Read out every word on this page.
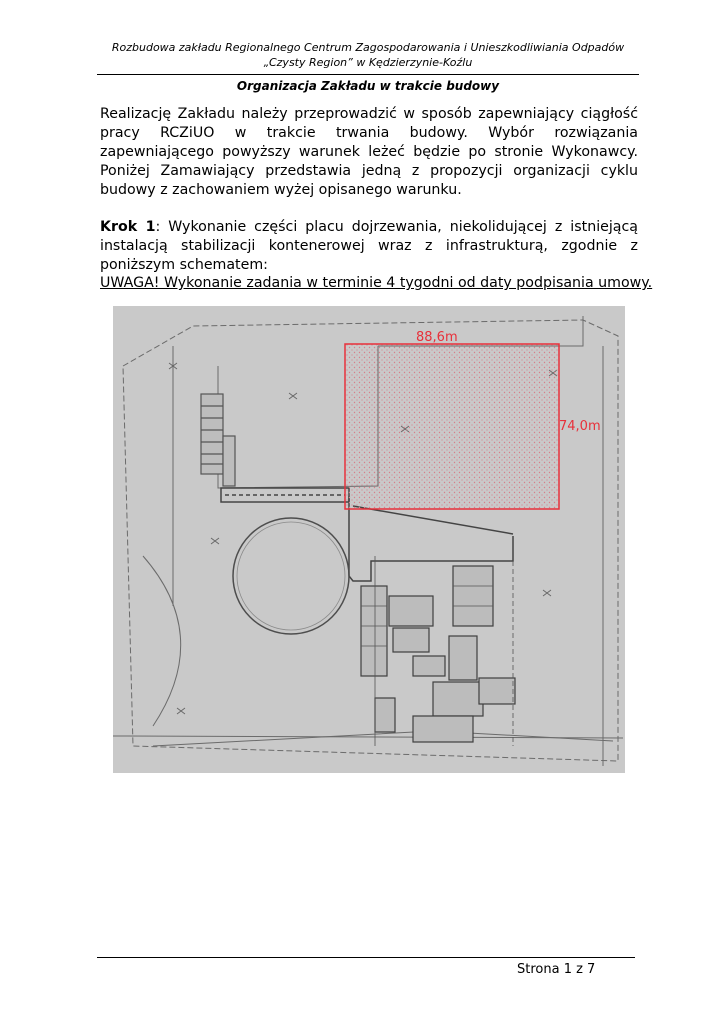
Rozbudowa zakładu Regionalnego Centrum Zagospodarowania i Unieszkodliwiania Odpadów
„Czysty Region” w Kędzierzynie-Koźlu
Organizacja Zakładu w trakcie budowy

Realizację Zakładu należy przeprowadzić w sposób zapewniający ciągłość pracy RCZiUO w trakcie trwania budowy. Wybór rozwiązania zapewniającego powyższy warunek leżeć będzie po stronie Wykonawcy. Poniżej Zamawiający przedstawia jedną z propozycji organizacji cyklu budowy z zachowaniem wyżej opisanego warunku.

Krok 1: Wykonanie części placu dojrzewania, niekolidującej z istniejącą instalacją stabilizacji kontenerowej wraz z infrastrukturą, zgodnie z poniższym schematem:

UWAGA! Wykonanie zadania w terminie 4 tygodni od daty podpisania umowy.
88,6m
74,0m
Strona 1 z 7
